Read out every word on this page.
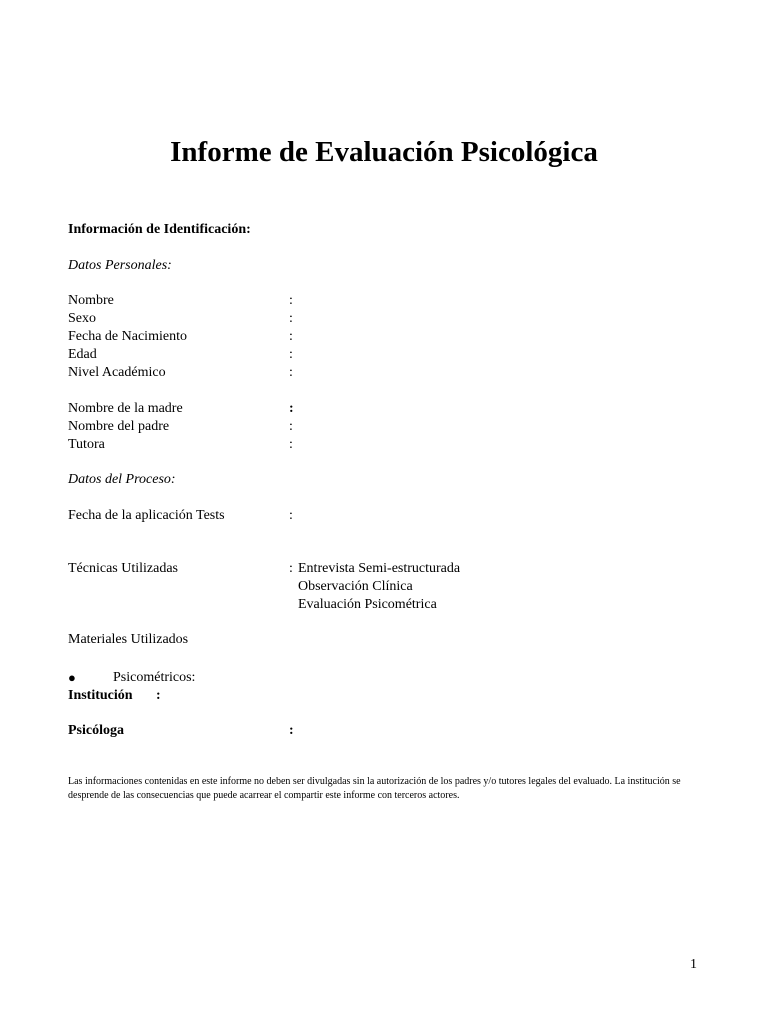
Informe de Evaluación Psicológica
Información de Identificación:
Datos Personales:
Nombre	:
Sexo	:
Fecha de Nacimiento	:
Edad	:
Nivel Académico	:
Nombre de la madre	:
Nombre del padre	:
Tutora	:
Datos del Proceso:
Fecha de la aplicación Tests	:
Técnicas Utilizadas	: Entrevista Semi-estructurada
Observación Clínica
Evaluación Psicométrica
Materiales Utilizados
●	Psicométricos:
Institución :
Psicóloga	:
Las informaciones contenidas en este informe no deben ser divulgadas sin la autorización de los padres y/o tutores legales del evaluado. La institución se desprende de las consecuencias que puede acarrear el compartir este informe con terceros actores.
1
